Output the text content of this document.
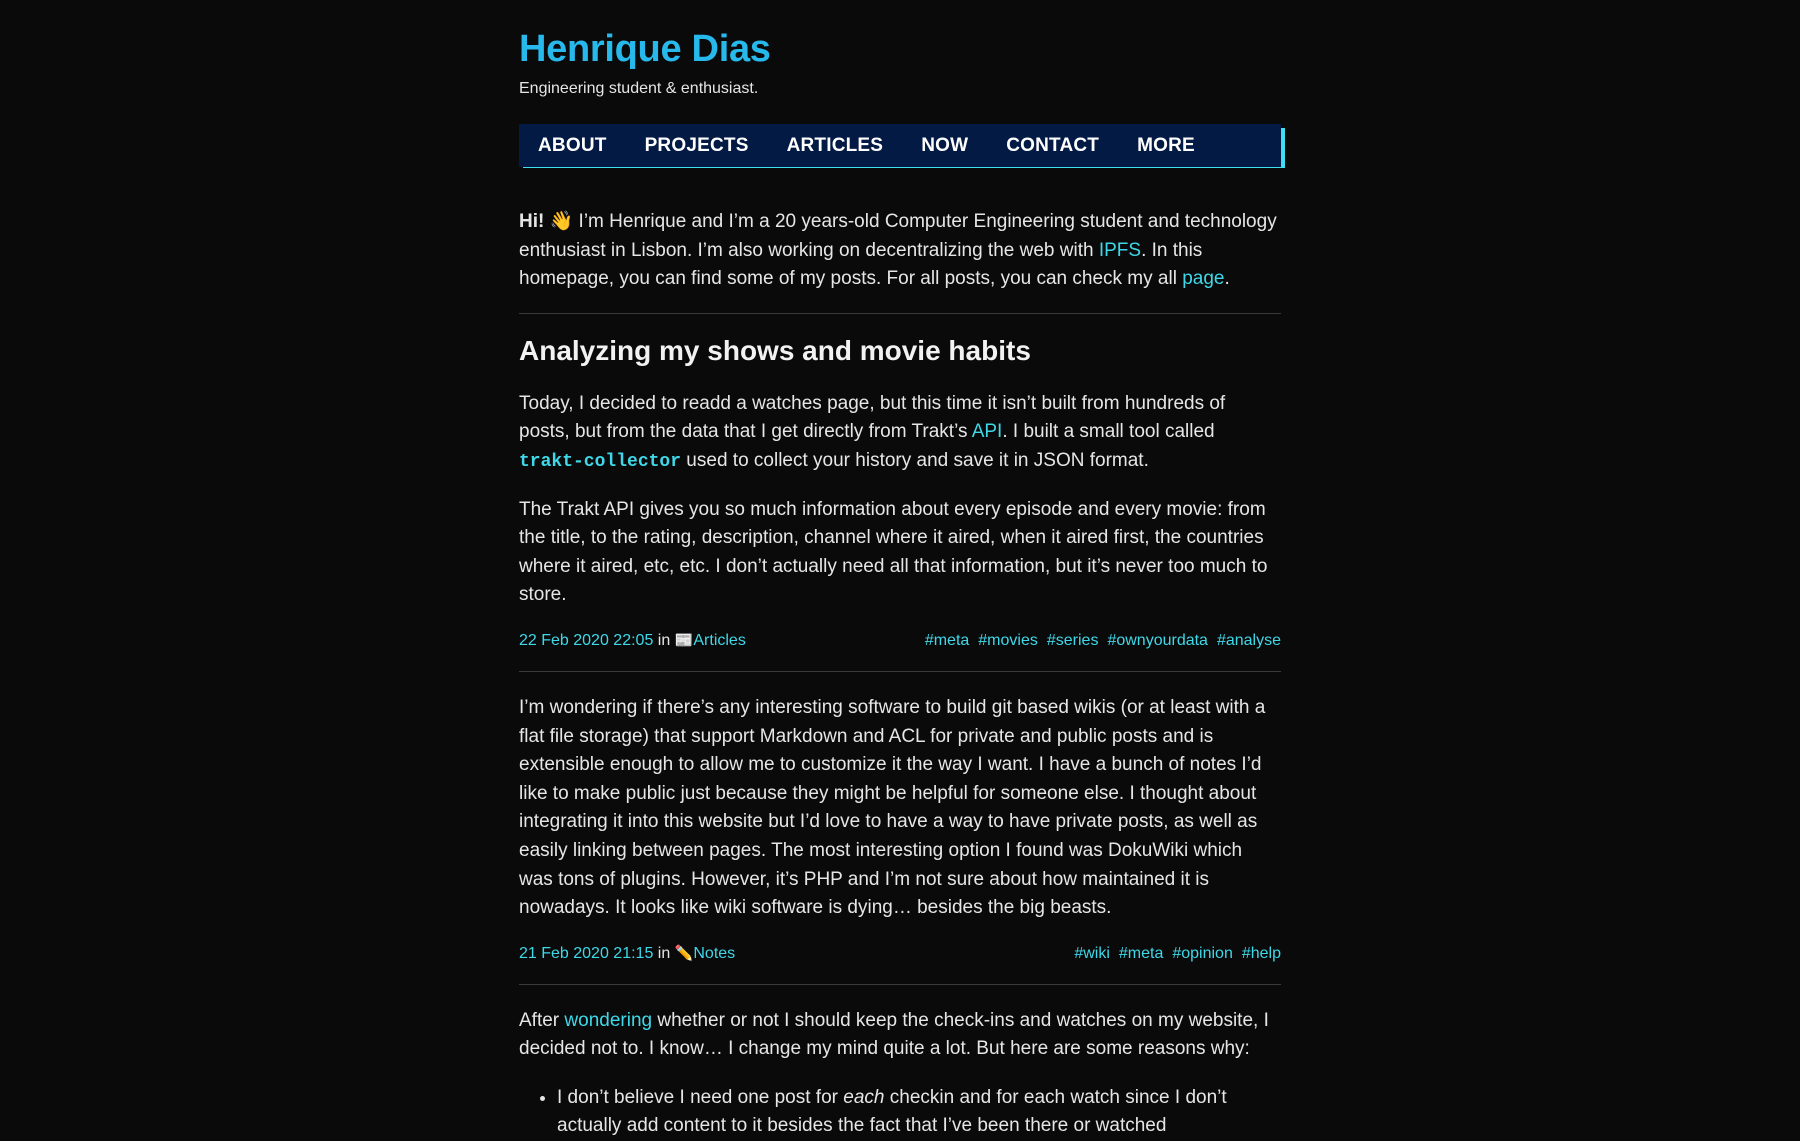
Henrique Dias
Engineering student & enthusiast.
ABOUT	PROJECTS	ARTICLES	NOW	CONTACT	MORE

Hi! 👋 I’m Henrique and I’m a 20 years-old Computer Engineering student and technology enthusiast in Lisbon. I’m also working on decentralizing the web with IPFS. In this homepage, you can find some of my posts. For all posts, you can check my all page.

Analyzing my shows and movie habits

Today, I decided to readd a watches page, but this time it isn’t built from hundreds of posts, but from the data that I get directly from Trakt’s API. I built a small tool called trakt-collector used to collect your history and save it in JSON format.

The Trakt API gives you so much information about every episode and every movie: from the title, to the rating, description, channel where it aired, when it aired first, the countries where it aired, etc, etc. I don’t actually need all that information, but it’s never too much to store.

22 Feb 2020 22:05 in 📰Articles	#meta #movies #series #ownyourdata #analyse

I’m wondering if there’s any interesting software to build git based wikis (or at least with a flat file storage) that support Markdown and ACL for private and public posts and is extensible enough to allow me to customize it the way I want. I have a bunch of notes I’d like to make public just because they might be helpful for someone else. I thought about integrating it into this website but I’d love to have a way to have private posts, as well as easily linking between pages. The most interesting option I found was DokuWiki which was tons of plugins. However, it’s PHP and I’m not sure about how maintained it is nowadays. It looks like wiki software is dying… besides the big beasts.

21 Feb 2020 21:15 in ✏️Notes	#wiki #meta #opinion #help

After wondering whether or not I should keep the check-ins and watches on my website, I decided not to. I know… I change my mind quite a lot. But here are some reasons why:

• I don’t believe I need one post for each checkin and for each watch since I don’t actually add content to it besides the fact that I’ve been there or watched
